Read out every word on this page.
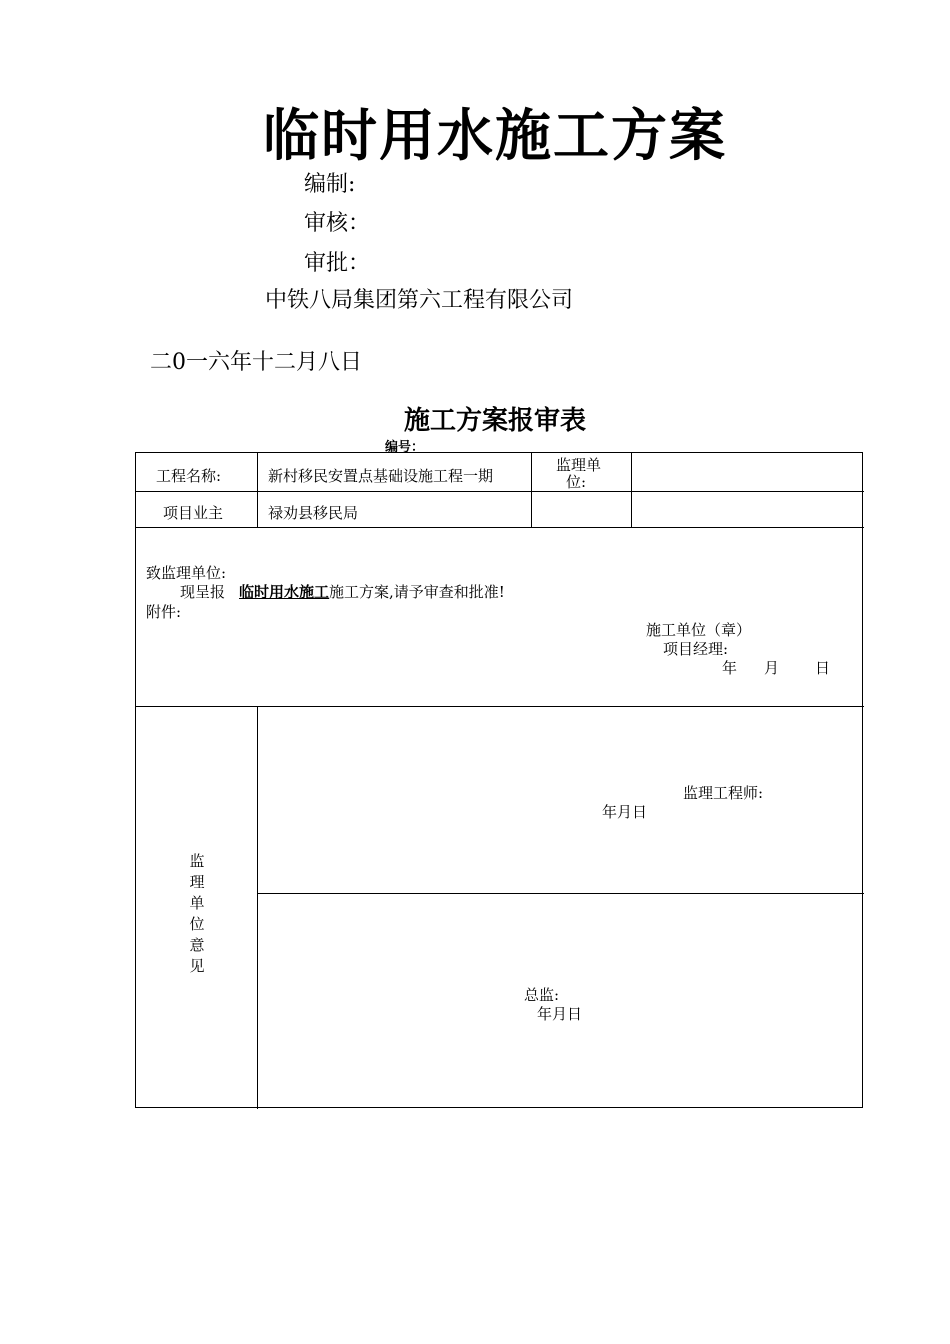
临时用水施工方案
编制:
审核：
审批：
中铁八局集团第六工程有限公司
二0一六年十二月八日
施工方案报审表
编号：
工程名称:	新村移民安置点基础设施工程一期
监理单
位:
项目业主	禄劝县移民局
致监理单位:
现呈报 临时用水施工施工方案,请予审查和批准!
附件:
施工单位（章）
项目经理:
年 月 日
监理单位意见
监理工程师:
年月日
总监:
年月日
